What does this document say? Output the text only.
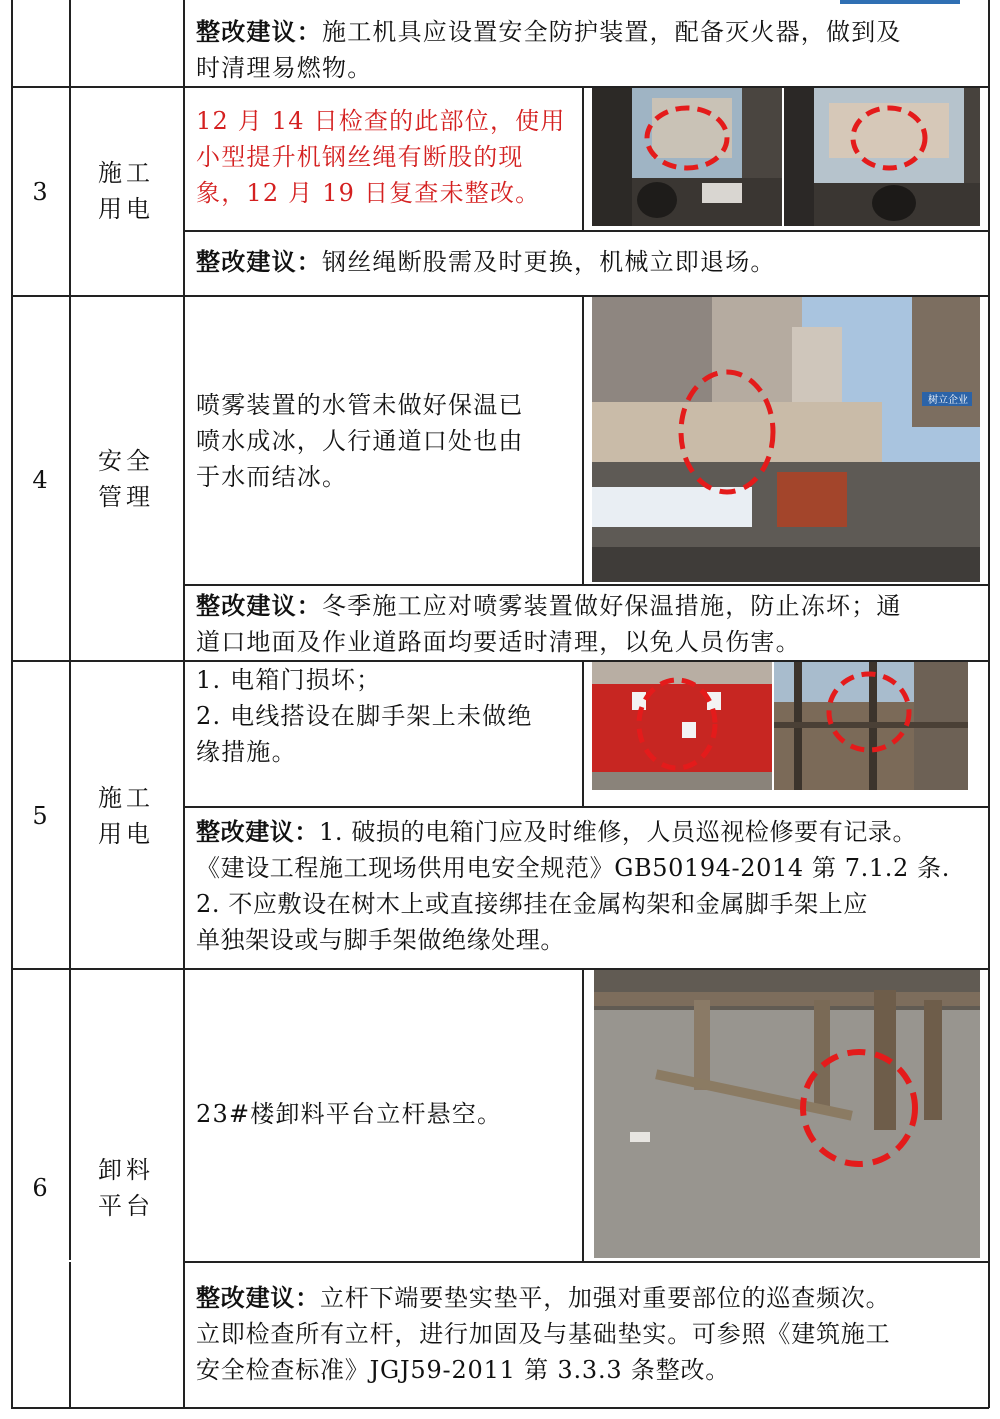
整改建议：施工机具应设置安全防护装置，配备灭火器，做到及
时清理易燃物。
3
施工
用电
12 月 14 日检查的此部位，使用
小型提升机钢丝绳有断股的现
象，12 月 19 日复查未整改。
整改建议：钢丝绳断股需及时更换，机械立即退场。
4
安全
管理
喷雾装置的水管未做好保温已
喷水成冰，人行通道口处也由
于水而结冰。
树立企业
整改建议：冬季施工应对喷雾装置做好保温措施，防止冻坏；通
道口地面及作业道路面均要适时清理，以免人员伤害。
5
施工
用电
1. 电箱门损坏；
2. 电线搭设在脚手架上未做绝
缘措施。
整改建议：1. 破损的电箱门应及时维修，人员巡视检修要有记录。
《建设工程施工现场供用电安全规范》GB50194-2014 第 7.1.2 条.
2. 不应敷设在树木上或直接绑挂在金属构架和金属脚手架上应
单独架设或与脚手架做绝缘处理。
6
卸料
平台
23#楼卸料平台立杆悬空。
整改建议：立杆下端要垫实垫平，加强对重要部位的巡查频次。
立即检查所有立杆，进行加固及与基础垫实。可参照《建筑施工
安全检查标准》JGJ59-2011 第 3.3.3 条整改。
